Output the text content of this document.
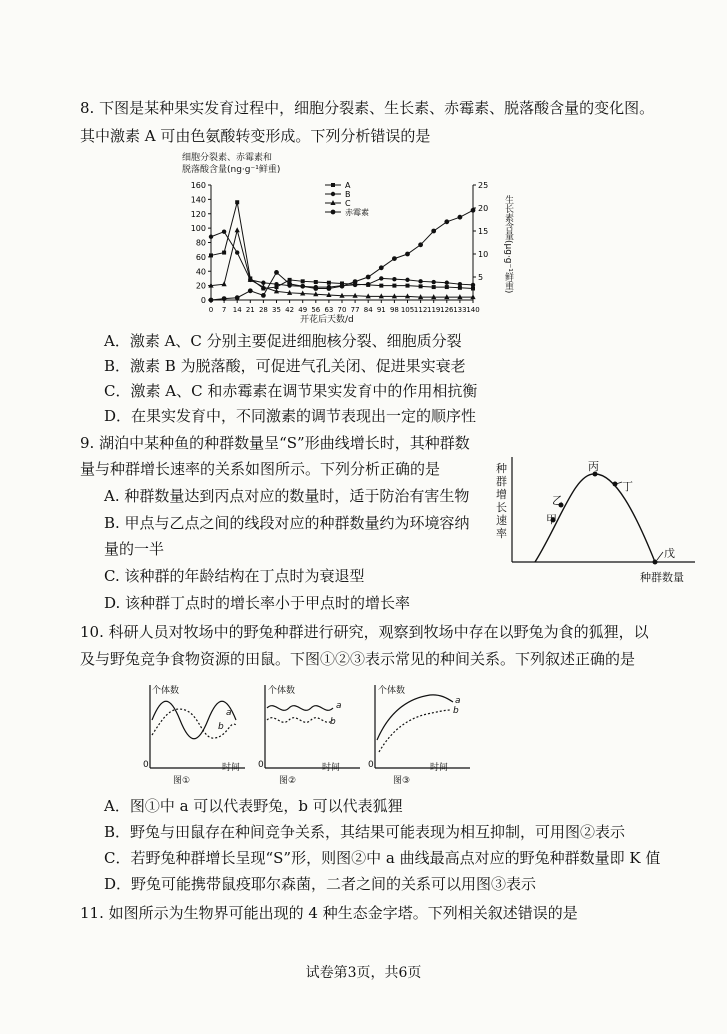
8. 下图是某种果实发育过程中，细胞分裂素、生长素、赤霉素、脱落酸含量的变化图。
其中激素 A 可由色氨酸转变形成。下列分析错误的是
细胞分裂素、赤霉素和
脱落酸含量(ng·g⁻¹鲜重)
160
140
120
100
80
60
40
20
0
25
20
15
10
5
0 7 14 21 28 35 42 49 56 63 70 77 84 91 98 105 112 119 126 133 140
A
B
C
赤霉素
开花后天数/d
生长素含量(μg·g⁻¹鲜重)
A．激素 A、C 分别主要促进细胞核分裂、细胞质分裂
B．激素 B 为脱落酸，可促进气孔关闭、促进果实衰老
C．激素 A、C 和赤霉素在调节果实发育中的作用相抗衡
D．在果实发育中，不同激素的调节表现出一定的顺序性
9. 湖泊中某种鱼的种群数量呈“S”形曲线增长时，其种群数
量与种群增长速率的关系如图所示。下列分析正确的是
A. 种群数量达到丙点对应的数量时，适于防治有害生物
B. 甲点与乙点之间的线段对应的种群数量约为环境容纳
量的一半
C. 该种群的年龄结构在丁点时为衰退型
D. 该种群丁点时的增长率小于甲点时的增长率
种群增长速率
种群数量
甲
乙
丙
丁
戊
10. 科研人员对牧场中的野兔种群进行研究，观察到牧场中存在以野兔为食的狐狸，以
及与野兔竞争食物资源的田鼠。下图①②③表示常见的种间关系。下列叙述正确的是
个体数
时间
图①
a
b
0
个体数
时间
图②
a
b
0
个体数
时间
图③
a
b
0
A．图①中 a 可以代表野兔，b 可以代表狐狸
B．野兔与田鼠存在种间竞争关系，其结果可能表现为相互抑制，可用图②表示
C．若野兔种群增长呈现“S”形，则图②中 a 曲线最高点对应的野兔种群数量即 K 值
D．野兔可能携带鼠疫耶尔森菌，二者之间的关系可以用图③表示
11. 如图所示为生物界可能出现的 4 种生态金字塔。下列相关叙述错误的是
试卷第3页，共6页
